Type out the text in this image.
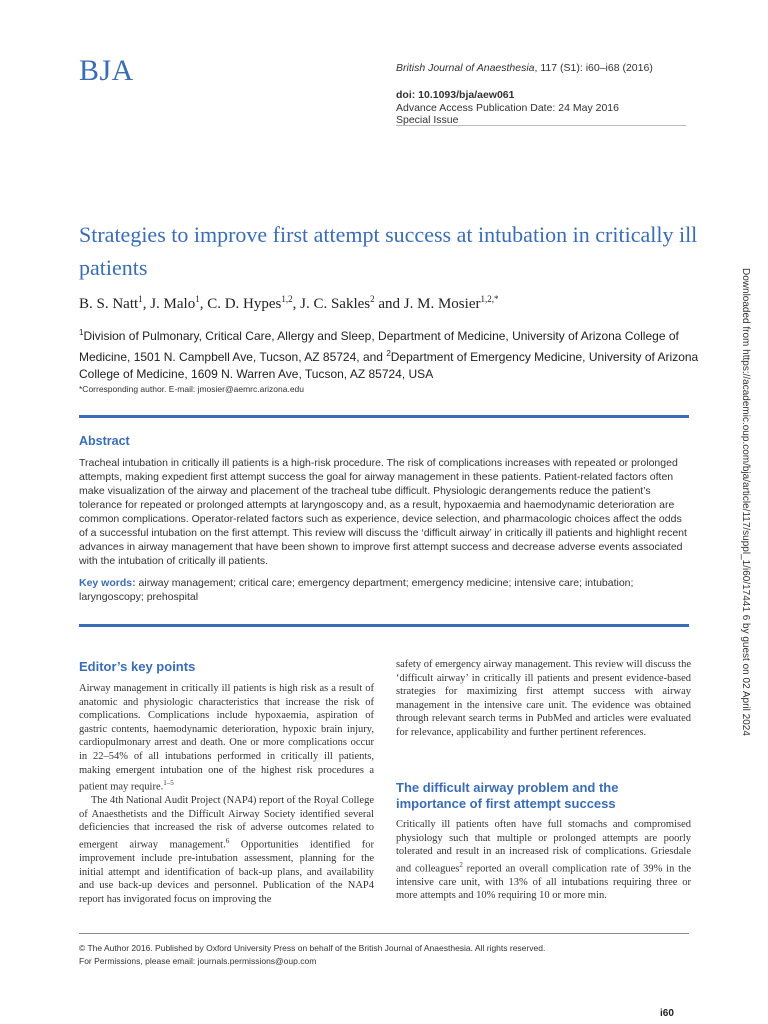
BJA	British Journal of Anaesthesia, 117 (S1): i60–i68 (2016)
doi: 10.1093/bja/aew061
Advance Access Publication Date: 24 May 2016
Special Issue
Strategies to improve first attempt success at intubation in critically ill patients
B. S. Natt$^1$, J. Malo$^1$, C. D. Hypes$^{1,2}$, J. C. Sakles$^2$ and J. M. Mosier$^{1,2,*}$
$^1$Division of Pulmonary, Critical Care, Allergy and Sleep, Department of Medicine, University of Arizona College of Medicine, 1501 N. Campbell Ave, Tucson, AZ 85724, and $^2$Department of Emergency Medicine, University of Arizona College of Medicine, 1609 N. Warren Ave, Tucson, AZ 85724, USA
*Corresponding author. E-mail: jmosier@aemrc.arizona.edu
Abstract
Tracheal intubation in critically ill patients is a high-risk procedure. The risk of complications increases with repeated or prolonged attempts, making expedient first attempt success the goal for airway management in these patients. Patient-related factors often make visualization of the airway and placement of the tracheal tube difficult. Physiologic derangements reduce the patient’s tolerance for repeated or prolonged attempts at laryngoscopy and, as a result, hypoxaemia and haemodynamic deterioration are common complications. Operator-related factors such as experience, device selection, and pharmacologic choices affect the odds of a successful intubation on the first attempt. This review will discuss the ‘difficult airway’ in critically ill patients and highlight recent advances in airway management that have been shown to improve first attempt success and decrease adverse events associated with the intubation of critically ill patients.
Key words: airway management; critical care; emergency department; emergency medicine; intensive care; intubation; laryngoscopy; prehospital
Editor’s key points

Airway management in critically ill patients is high risk as a result of anatomic and physiologic characteristics that increase the risk of complications. Complications include hypoxaemia, aspiration of gastric contents, haemodynamic deterioration, hypoxic brain injury, cardiopulmonary arrest and death. One or more complications occur in 22–54% of all intubations performed in critically ill patients, making emergent intubation one of the highest risk procedures a patient may require.$^{1-5}$

The 4th National Audit Project (NAP4) report of the Royal College of Anaesthetists and the Difficult Airway Society identified several deficiencies that increased the risk of adverse outcomes related to emergent airway management.$^6$ Opportunities identified for improvement include pre-intubation assessment, planning for the initial attempt and identification of back-up plans, and availability and use back-up devices and personnel. Publication of the NAP4 report has invigorated focus on improving the

safety of emergency airway management. This review will discuss the ‘difficult airway’ in critically ill patients and present evidence-based strategies for maximizing first attempt success with airway management in the intensive care unit. The evidence was obtained through relevant search terms in PubMed and articles were evaluated for relevance, applicability and further pertinent references.

The difficult airway problem and the importance of first attempt success

Critically ill patients often have full stomachs and compromised physiology such that multiple or prolonged attempts are poorly tolerated and result in an increased risk of complications. Griesdale and colleagues$^2$ reported an overall complication rate of 39% in the intensive care unit, with 13% of all intubations requiring three or more attempts and 10% requiring 10 or more min.

Downloaded from https://academic.oup.com/bja/article/117/suppl_1/i60/17441 6 by guest on 02 April 2024
© The Author 2016. Published by Oxford University Press on behalf of the British Journal of Anaesthesia. All rights reserved.
For Permissions, please email: journals.permissions@oup.com
i60
